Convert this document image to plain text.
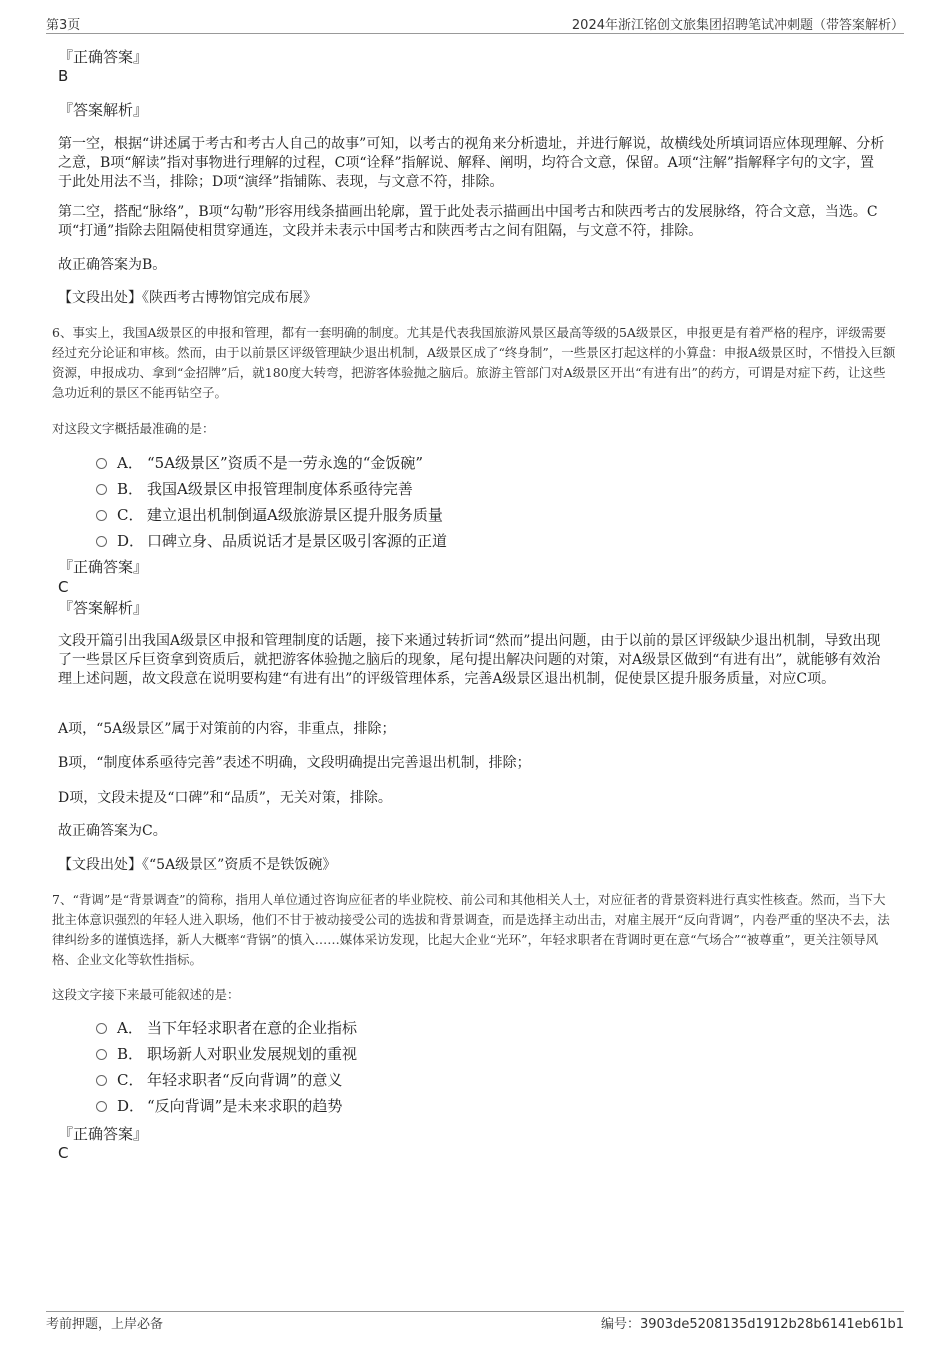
第3页	2024年浙江铭创文旅集团招聘笔试冲刺题（带答案解析）
『正确答案』
B
『答案解析』
第一空，根据“讲述属于考古和考古人自己的故事”可知，以考古的视角来分析遗址，并进行解说，故横线处所填词语应体现理解、分析之意，B项“解读”指对事物进行理解的过程，C项“诠释”指解说、解释、阐明，均符合文意，保留。A项“注解”指解释字句的文字，置于此处用法不当，排除；D项“演绎”指铺陈、表现，与文意不符，排除。
第二空，搭配“脉络”，B项“勾勒”形容用线条描画出轮廓，置于此处表示描画出中国考古和陕西考古的发展脉络，符合文意，当选。C项“打通”指除去阻隔使相贯穿通连，文段并未表示中国考古和陕西考古之间有阻隔，与文意不符，排除。
故正确答案为B。
【文段出处】《陕西考古博物馆完成布展》
6、事实上，我国A级景区的申报和管理，都有一套明确的制度。尤其是代表我国旅游风景区最高等级的5A级景区，申报更是有着严格的程序，评级需要经过充分论证和审核。然而，由于以前景区评级管理缺少退出机制，A级景区成了“终身制”，一些景区打起这样的小算盘：申报A级景区时，不惜投入巨额资源，申报成功、拿到“金招牌”后，就180度大转弯，把游客体验抛之脑后。旅游主管部门对A级景区开出“有进有出”的药方，可谓是对症下药，让这些急功近利的景区不能再钻空子。
对这段文字概括最准确的是：
A． “5A级景区”资质不是一劳永逸的“金饭碗”
B． 我国A级景区申报管理制度体系亟待完善
C． 建立退出机制倒逼A级旅游景区提升服务质量
D． 口碑立身、品质说话才是景区吸引客源的正道
『正确答案』
C
『答案解析』
文段开篇引出我国A级景区申报和管理制度的话题，接下来通过转折词“然而”提出问题，由于以前的景区评级缺少退出机制，导致出现了一些景区斥巨资拿到资质后，就把游客体验抛之脑后的现象，尾句提出解决问题的对策，对A级景区做到“有进有出”，就能够有效治理上述问题，故文段意在说明要构建“有进有出”的评级管理体系，完善A级景区退出机制，促使景区提升服务质量，对应C项。
A项，“5A级景区”属于对策前的内容，非重点，排除；
B项，“制度体系亟待完善”表述不明确，文段明确提出完善退出机制，排除；
D项，文段未提及“口碑”和“品质”，无关对策，排除。
故正确答案为C。
【文段出处】《“5A级景区”资质不是铁饭碗》
7、“背调”是“背景调查”的简称，指用人单位通过咨询应征者的毕业院校、前公司和其他相关人士，对应征者的背景资料进行真实性核查。然而，当下大批主体意识强烈的年轻人进入职场，他们不甘于被动接受公司的选拔和背景调查，而是选择主动出击，对雇主展开“反向背调”，内卷严重的坚决不去，法律纠纷多的谨慎选择，新人大概率“背锅”的慎入……媒体采访发现，比起大企业“光环”，年轻求职者在背调时更在意“气场合”“被尊重”，更关注领导风格、企业文化等软性指标。
这段文字接下来最可能叙述的是：
A． 当下年轻求职者在意的企业指标
B． 职场新人对职业发展规划的重视
C． 年轻求职者“反向背调”的意义
D． “反向背调”是未来求职的趋势
『正确答案』
C
考前押题，上岸必备	编号：3903de5208135d1912b28b6141eb61b1
